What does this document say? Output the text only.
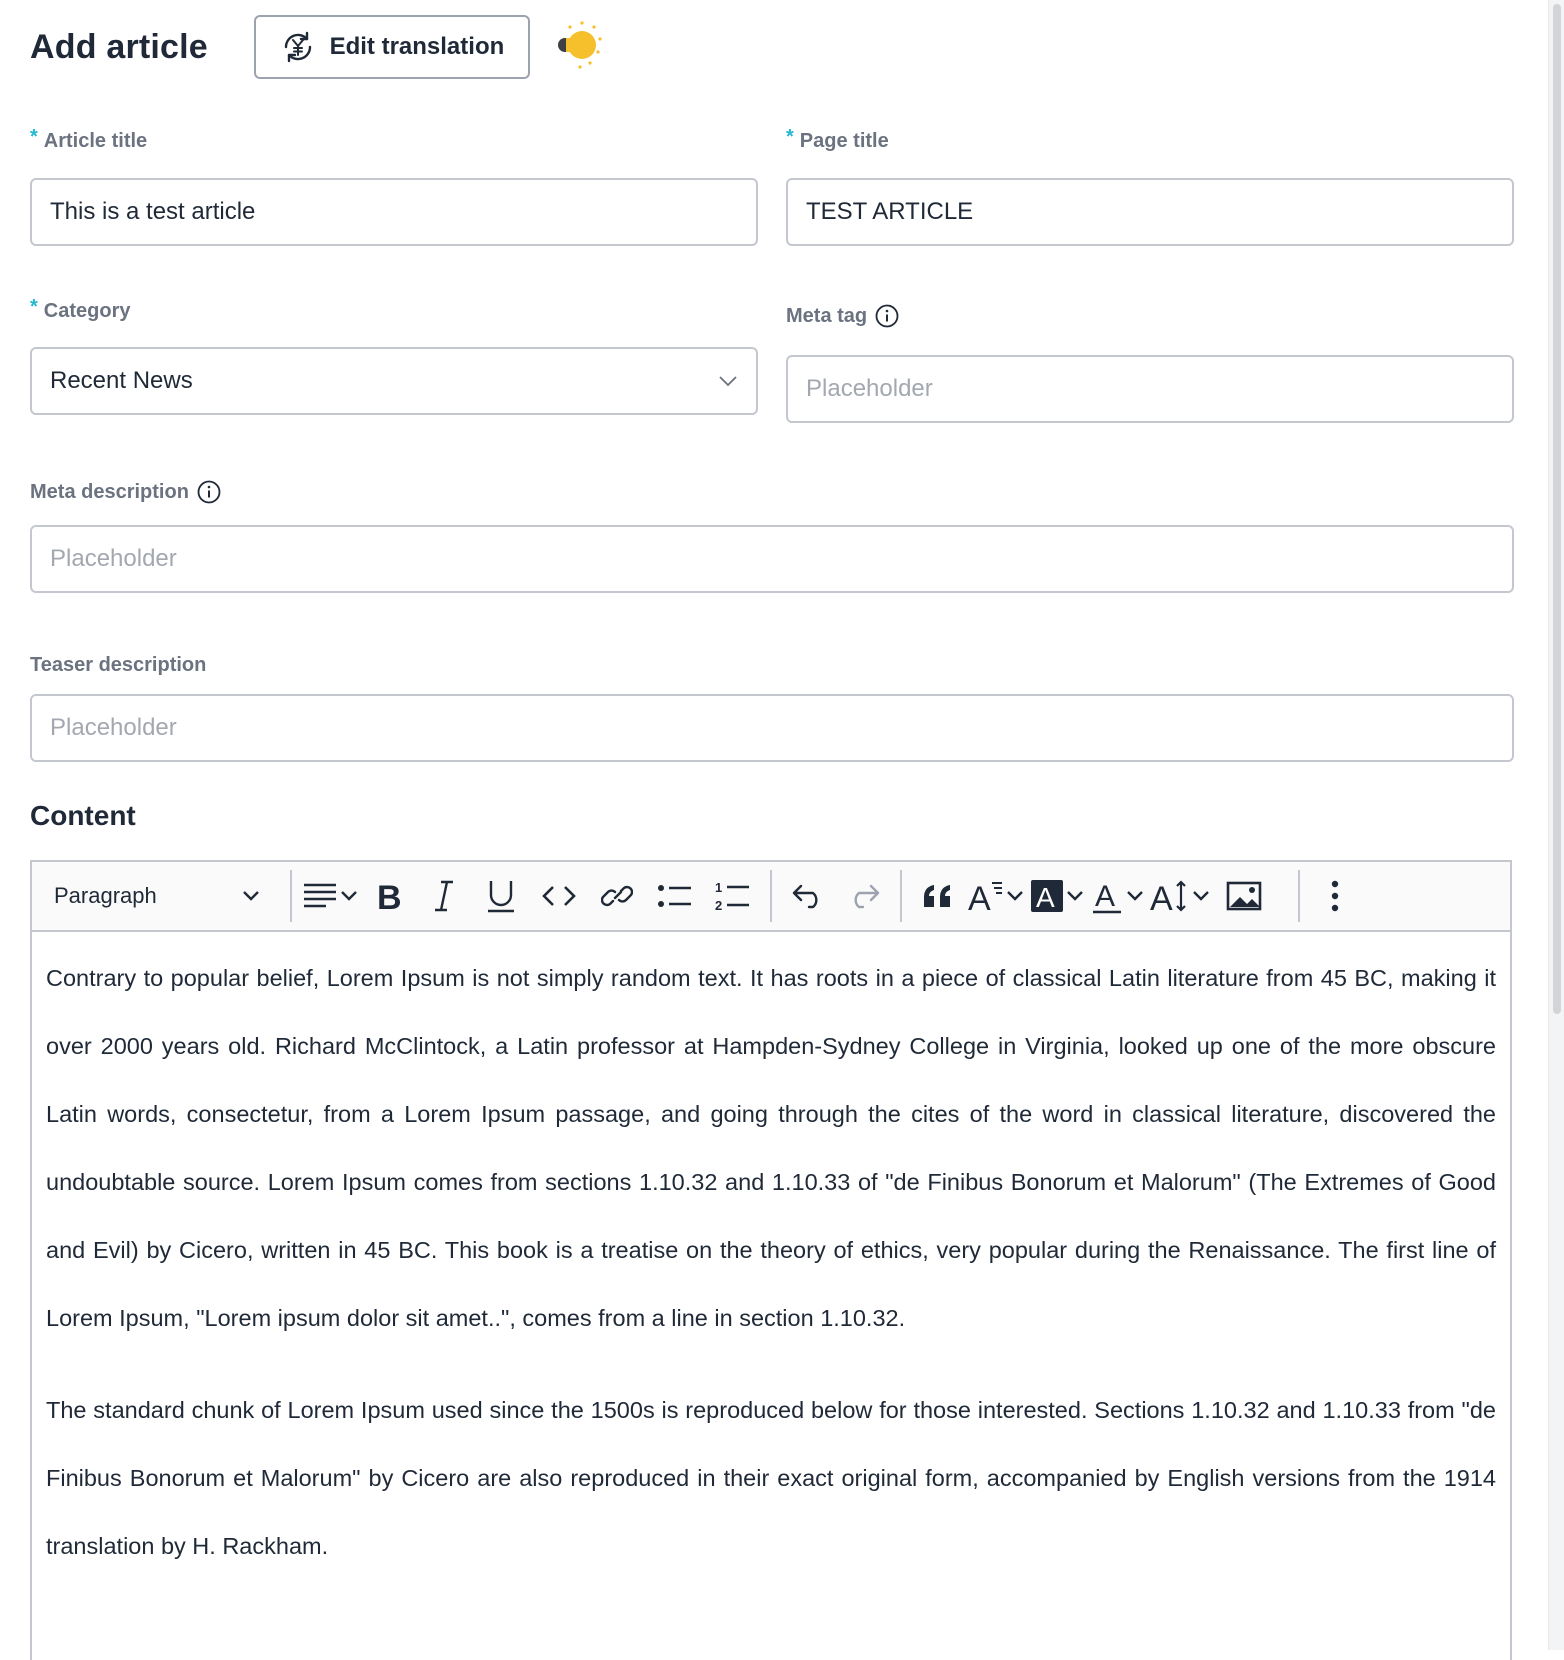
Add article	Edit translation
* Article title
This is a test article	* Page title
TEST ARTICLE
* Category
Recent News
Meta tag
Placeholder
Meta description
Placeholder
Teaser description
Placeholder
Content
Paragraph	B	1
2	A A A A

Contrary to popular belief, Lorem Ipsum is not simply random text. It has roots in a piece of classical Latin literature from 45 BC, making it over 2000 years old. Richard McClintock, a Latin professor at Hampden-Sydney College in Virginia, looked up one of the more obscure Latin words, consectetur, from a Lorem Ipsum passage, and going through the cites of the word in classical literature, discovered the undoubtable source. Lorem Ipsum comes from sections 1.10.32 and 1.10.33 of "de Finibus Bonorum et Malorum" (The Extremes of Good and Evil) by Cicero, written in 45 BC. This book is a treatise on the theory of ethics, very popular during the Renaissance. The first line of Lorem Ipsum, "Lorem ipsum dolor sit amet..", comes from a line in section 1.10.32.

The standard chunk of Lorem Ipsum used since the 1500s is reproduced below for those interested. Sections 1.10.32 and 1.10.33 from "de Finibus Bonorum et Malorum" by Cicero are also reproduced in their exact original form, accompanied by English versions from the 1914 translation by H. Rackham.
